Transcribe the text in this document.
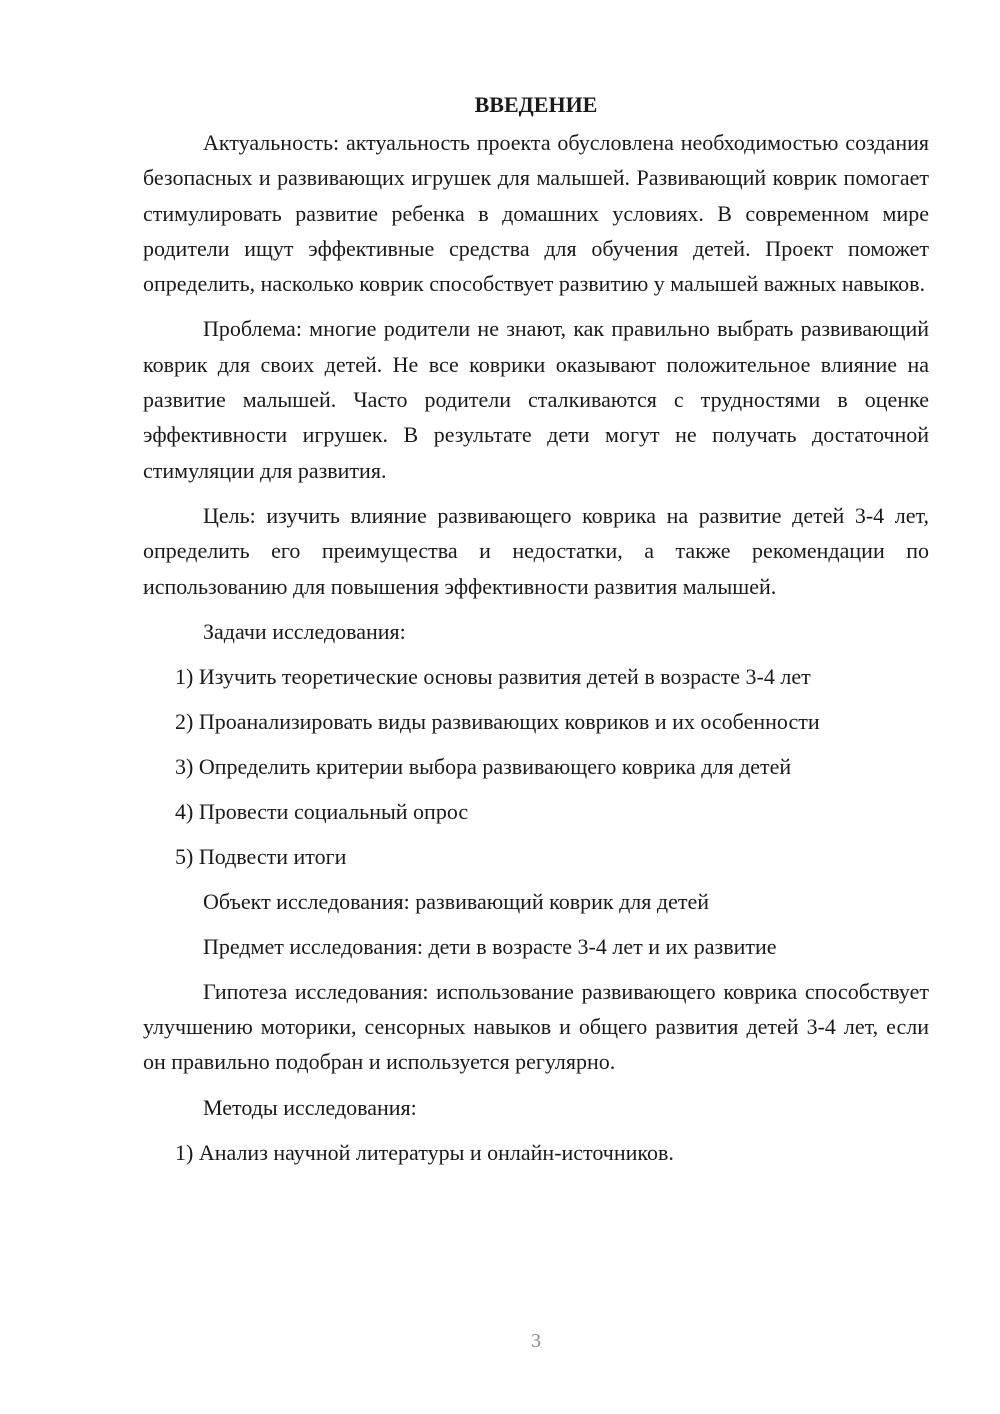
ВВЕДЕНИЕ

Актуальность: актуальность проекта обусловлена необходимостью создания безопасных и развивающих игрушек для малышей. Развивающий коврик помогает стимулировать развитие ребенка в домашних условиях. В современном мире родители ищут эффективные средства для обучения детей. Проект поможет определить, насколько коврик способствует развитию у малышей важных навыков.

Проблема: многие родители не знают, как правильно выбрать развивающий коврик для своих детей. Не все коврики оказывают положительное влияние на развитие малышей. Часто родители сталкиваются с трудностями в оценке эффективности игрушек. В результате дети могут не получать достаточной стимуляции для развития.

Цель: изучить влияние развивающего коврика на развитие детей 3-4 лет, определить его преимущества и недостатки, а также рекомендации по использованию для повышения эффективности развития малышей.

Задачи исследования:
1) Изучить теоретические основы развития детей в возрасте 3-4 лет
2) Проанализировать виды развивающих ковриков и их особенности
3) Определить критерии выбора развивающего коврика для детей
4) Провести социальный опрос
5) Подвести итоги
Объект исследования: развивающий коврик для детей
Предмет исследования: дети в возрасте 3-4 лет и их развитие

Гипотеза исследования: использование развивающего коврика способствует улучшению моторики, сенсорных навыков и общего развития детей 3-4 лет, если он правильно подобран и используется регулярно.

Методы исследования:
1) Анализ научной литературы и онлайн-источников.
3
